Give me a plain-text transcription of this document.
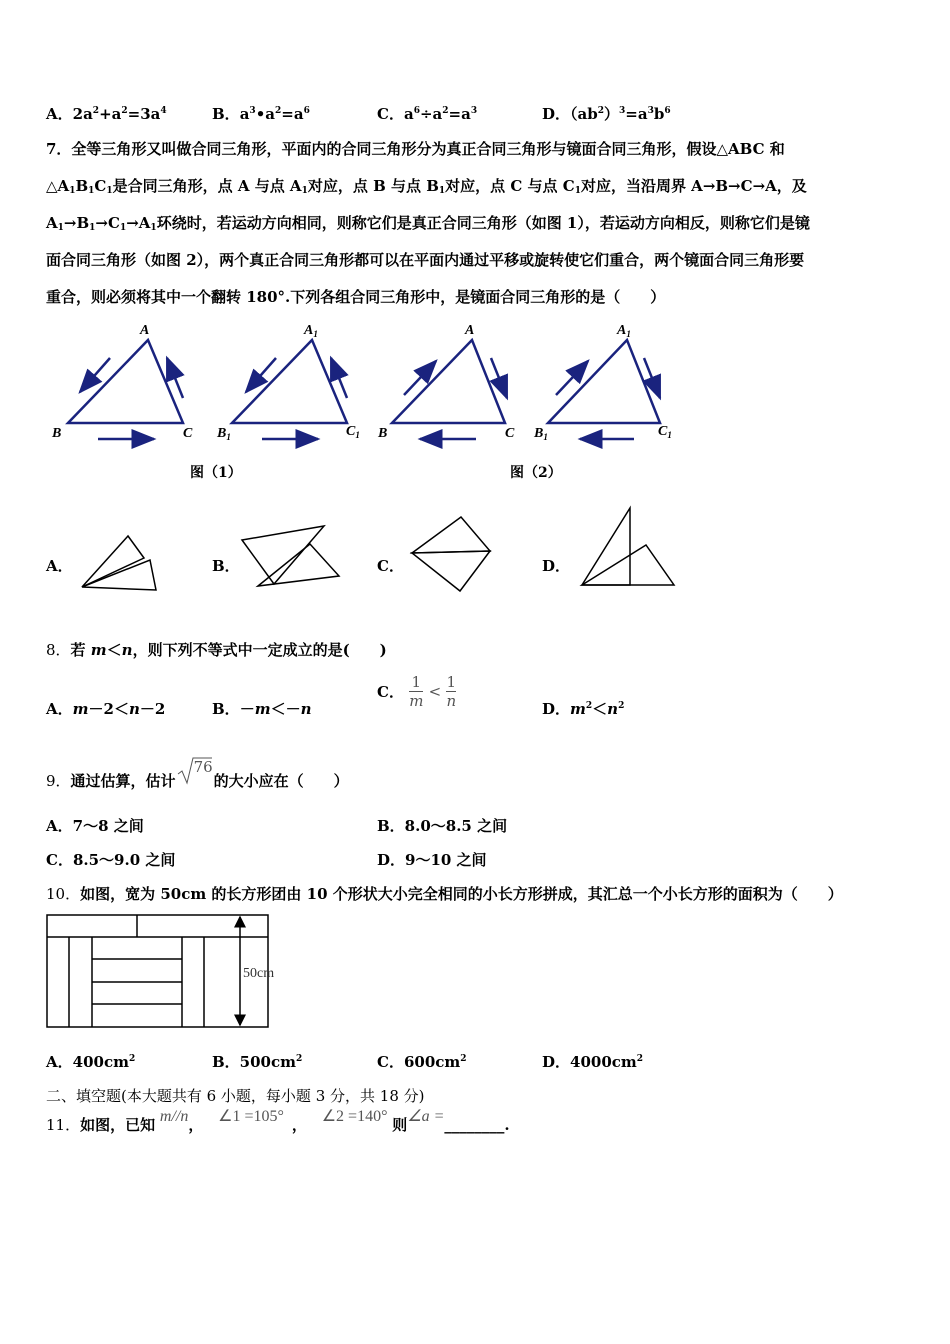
A．$2a^2+a^2=3a^4$	B．$a^3•a^2=a^6$	C．$a^6\div a^2=a^3$	D．$(ab^2)^3=a^3b^6$
7．全等三角形又叫做合同三角形，平面内的合同三角形分为真正合同三角形与镜面合同三角形，假设△ABC 和
$\triangle A_1B_1C_1$是合同三角形，点 A 与点 $A_1$对应，点 B 与点 $B_1$对应，点 C 与点 $C_1$对应，当沿周界 A→B→C→A，及
$A_1\to B_1\to C_1\to A_1$环绕时，若运动方向相同，则称它们是真正合同三角形（如图 1），若运动方向相反，则称它们是镜
面合同三角形（如图 2），两个真正合同三角形都可以在平面内通过平移或旋转使它们重合，两个镜面合同三角形要
重合，则必须将其中一个翻转 180°.下列各组合同三角形中，是镜面合同三角形的是（　　）
A
B	C
$A_1$
$B_1$	$C_1$
A
B	C
$A_1$
$B_1$	$C_1$
图（1）	图（2）
A．	B．	C．	D．
8．若 m＜n，则下列不等式中一定成立的是(　　)
A．m－2＜n－2	B．－m＜－n
C． $\frac{1}{m} < \frac{1}{n}$	D．$m^2<n^2$
9．通过估算，估计
76
的大小应在（　　）
A．7～8 之间	B．8.0～8.5 之间
C．8.5～9.0 之间	D．9～10 之间
10．如图，宽为 50cm 的长方形团由 10 个形状大小完全相同的小长方形拼成，其汇总一个小长方形的面积为（　　）
50cm
A．$400cm^2$	B．$500cm^2$	C．$600cm^2$	D．$4000cm^2$
二、填空题(本大题共有 6 小题，每小题 3 分，共 18 分)
11．如图，已知 m//n， ∠1 =105° ， ∠2 =140° 则∠a =________.
